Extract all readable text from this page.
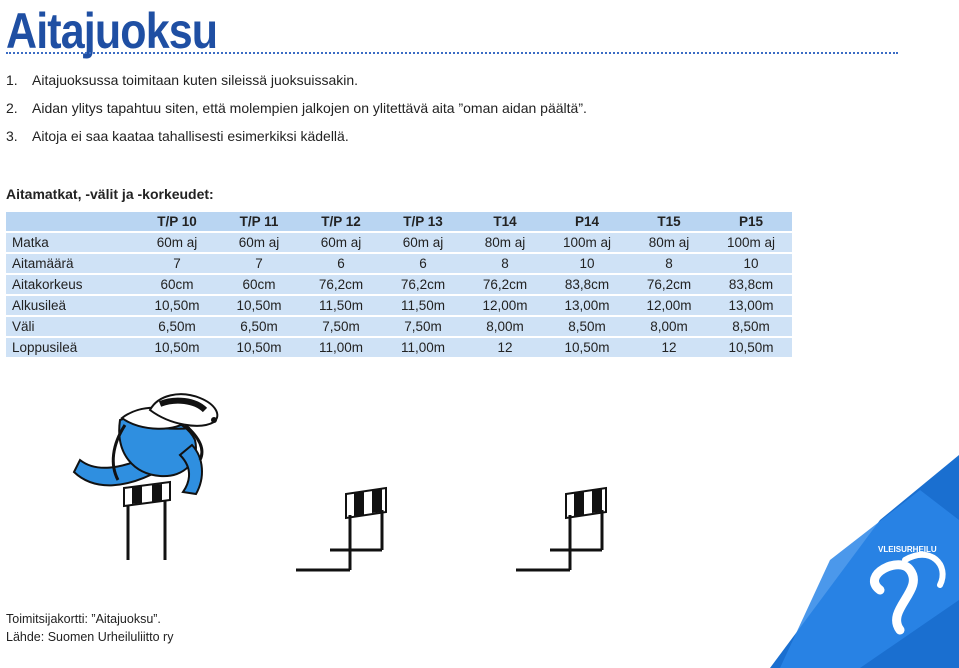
Aitajuoksu
1. Aitajuoksussa toimitaan kuten sileissä juoksuissakin.
2. Aidan ylitys tapahtuu siten, että molempien jalkojen on ylitettävä aita ”oman aidan päältä”.
3. Aitoja ei saa kaataa tahallisesti esimerkiksi kädellä.
Aitamatkat, -välit ja -korkeudet:
	T/P 10	T/P 11	T/P 12	T/P 13	T14	P14	T15	P15
Matka	60m aj	60m aj	60m aj	60m aj	80m aj	100m aj	80m aj	100m aj
Aitamäärä	7	7	6	6	8	10	8	10
Aitakorkeus	60cm	60cm	76,2cm	76,2cm	76,2cm	83,8cm	76,2cm	83,8cm
Alkusileä	10,50m	10,50m	11,50m	11,50m	12,00m	13,00m	12,00m	13,00m
Väli	6,50m	6,50m	7,50m	7,50m	8,00m	8,50m	8,00m	8,50m
Loppusileä	10,50m	10,50m	11,00m	11,00m	12	10,50m	12	10,50m
VLEISURHEILU
Toimitsijakortti: ”Aitajuoksu”.
Lähde: Suomen Urheiluliitto ry
